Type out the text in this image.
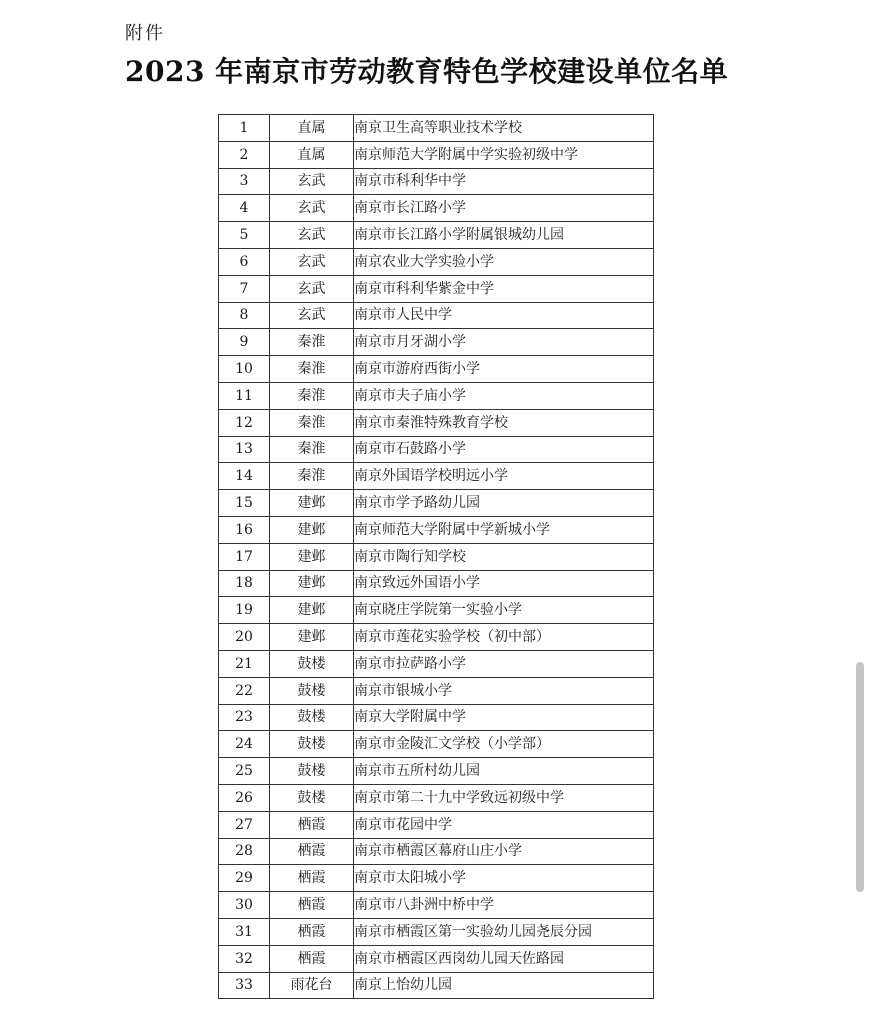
附件
2023 年南京市劳动教育特色学校建设单位名单
1	直属	南京卫生高等职业技术学校
2	直属	南京师范大学附属中学实验初级中学
3	玄武	南京市科利华中学
4	玄武	南京市长江路小学
5	玄武	南京市长江路小学附属银城幼儿园
6	玄武	南京农业大学实验小学
7	玄武	南京市科利华紫金中学
8	玄武	南京市人民中学
9	秦淮	南京市月牙湖小学
10	秦淮	南京市游府西街小学
11	秦淮	南京市夫子庙小学
12	秦淮	南京市秦淮特殊教育学校
13	秦淮	南京市石鼓路小学
14	秦淮	南京外国语学校明远小学
15	建邺	南京市学予路幼儿园
16	建邺	南京师范大学附属中学新城小学
17	建邺	南京市陶行知学校
18	建邺	南京致远外国语小学
19	建邺	南京晓庄学院第一实验小学
20	建邺	南京市莲花实验学校（初中部）
21	鼓楼	南京市拉萨路小学
22	鼓楼	南京市银城小学
23	鼓楼	南京大学附属中学
24	鼓楼	南京市金陵汇文学校（小学部）
25	鼓楼	南京市五所村幼儿园
26	鼓楼	南京市第二十九中学致远初级中学
27	栖霞	南京市花园中学
28	栖霞	南京市栖霞区幕府山庄小学
29	栖霞	南京市太阳城小学
30	栖霞	南京市八卦洲中桥中学
31	栖霞	南京市栖霞区第一实验幼儿园尧辰分园
32	栖霞	南京市栖霞区西岗幼儿园天佐路园
33	雨花台	南京上怡幼儿园
